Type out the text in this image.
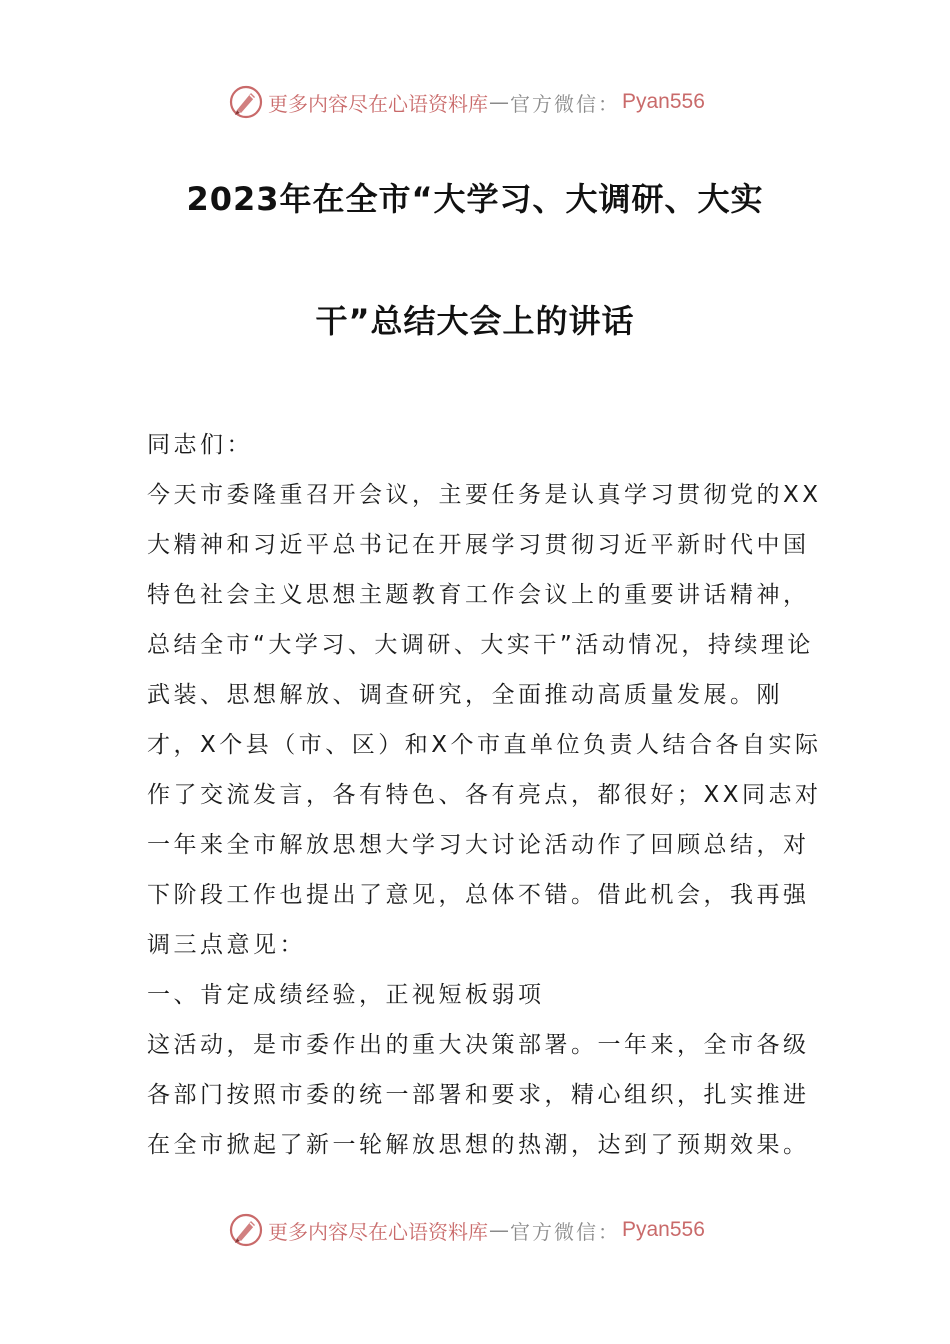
更多内容尽在心语资料库 — 官方微信： Pyan556
2023年在全市“大学习、大调研、大实
干”总结大会上的讲话

同志们：

今天市委隆重召开会议，主要任务是认真学习贯彻党的XX大精神和习近平总书记在开展学习贯彻习近平新时代中国特色社会主义思想主题教育工作会议上的重要讲话精神，总结全市“大学习、大调研、大实干”活动情况，持续理论武装、思想解放、调查研究，全面推动高质量发展。刚才，X个县（市、区）和X个市直单位负责人结合各自实际作了交流发言，各有特色、各有亮点，都很好；XX同志对一年来全市解放思想大学习大讨论活动作了回顾总结，对下阶段工作也提出了意见，总体不错。借此机会，我再强调三点意见：

一、肯定成绩经验，正视短板弱项

这活动，是市委作出的重大决策部署。一年来，全市各级各部门按照市委的统一部署和要求，精心组织，扎实推进在全市掀起了新一轮解放思想的热潮，达到了预期效果。

更多内容尽在心语资料库 — 官方微信： Pyan556
